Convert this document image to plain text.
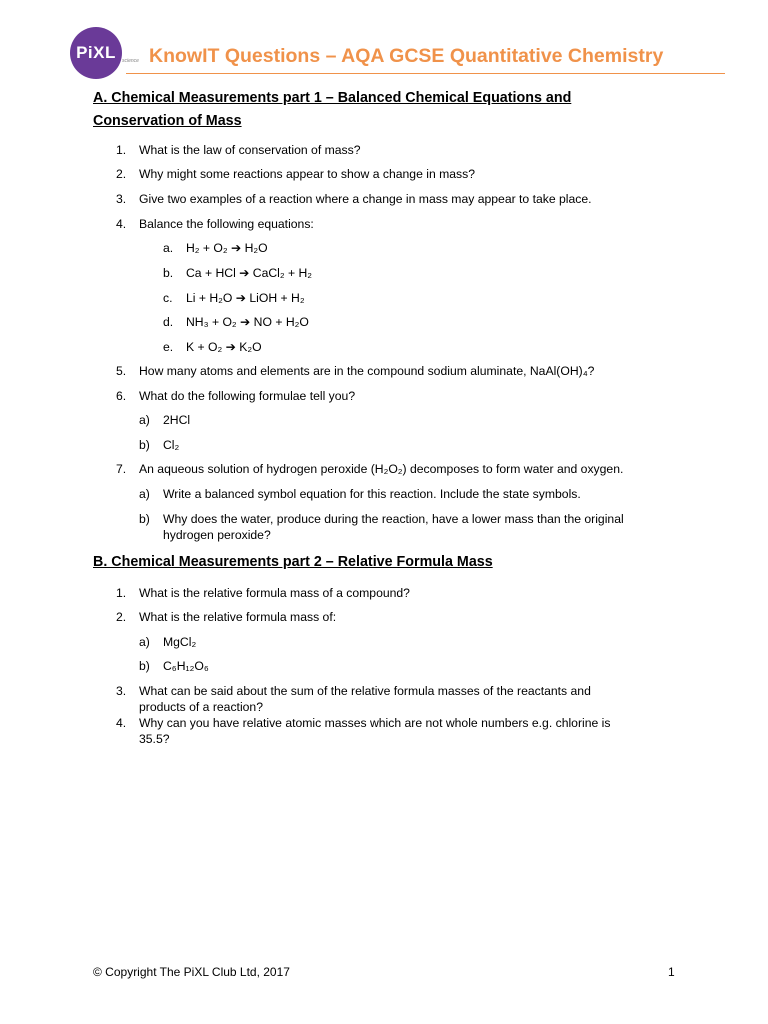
PiXL science KnowIT Questions – AQA GCSE Quantitative Chemistry
A. Chemical Measurements part 1 – Balanced Chemical Equations and
Conservation of Mass
1. What is the law of conservation of mass?
2. Why might some reactions appear to show a change in mass?
3. Give two examples of a reaction where a change in mass may appear to take place.
4. Balance the following equations:
a. H₂ + O₂ ➔ H₂O
b. Ca + HCl ➔ CaCl₂ + H₂
c. Li + H₂O ➔ LiOH + H₂
d. NH₃ + O₂ ➔ NO + H₂O
e. K + O₂ ➔ K₂O
5. How many atoms and elements are in the compound sodium aluminate, NaAl(OH)₄?
6. What do the following formulae tell you?
a) 2HCl
b) Cl₂
7. An aqueous solution of hydrogen peroxide (H₂O₂) decomposes to form water and oxygen.
a) Write a balanced symbol equation for this reaction. Include the state symbols.
b) Why does the water, produce during the reaction, have a lower mass than the original
hydrogen peroxide?
B. Chemical Measurements part 2 – Relative Formula Mass
1. What is the relative formula mass of a compound?
2. What is the relative formula mass of:
a) MgCl₂
b) C₆H₁₂O₆
3. What can be said about the sum of the relative formula masses of the reactants and
products of a reaction?
4. Why can you have relative atomic masses which are not whole numbers e.g. chlorine is
35.5?
© Copyright The PiXL Club Ltd, 2017	1
